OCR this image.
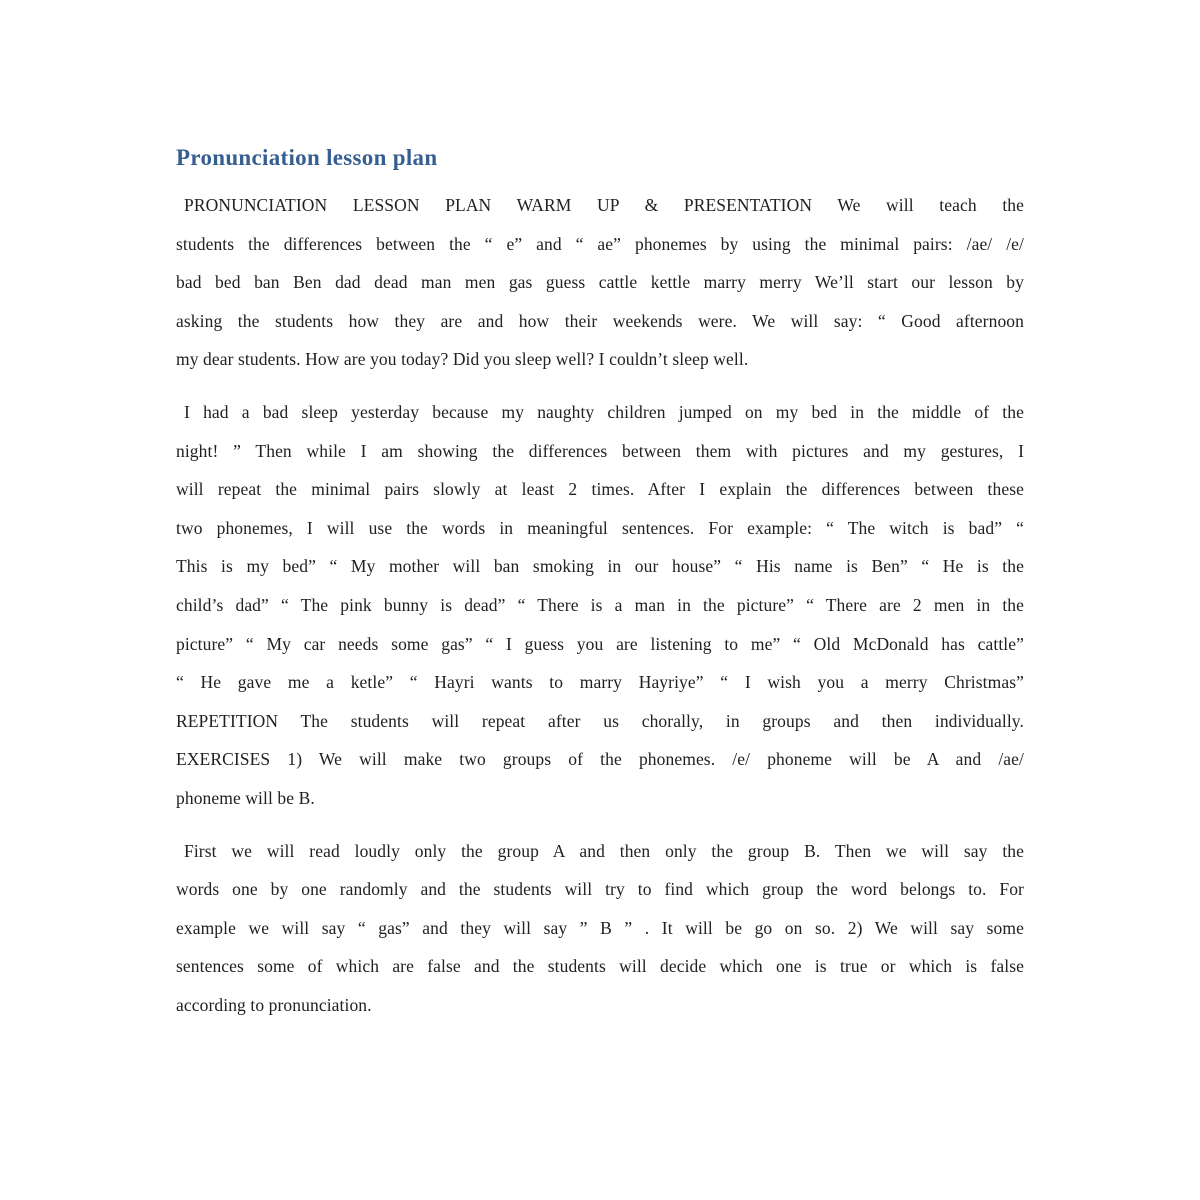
Pronunciation lesson plan
PRONUNCIATION LESSON PLAN WARM UP & PRESENTATION We will teach the
students the differences between the “ e” and “ ae” phonemes by using the minimal pairs: /ae/ /e/
bad bed ban Ben dad dead man men gas guess cattle kettle marry merry We’ll start our lesson by
asking the students how they are and how their weekends were. We will say: “ Good afternoon
my dear students. How are you today? Did you sleep well? I couldn’t sleep well.
I had a bad sleep yesterday because my naughty children jumped on my bed in the middle of the
night! ” Then while I am showing the differences between them with pictures and my gestures, I
will repeat the minimal pairs slowly at least 2 times. After I explain the differences between these
two phonemes, I will use the words in meaningful sentences. For example: “ The witch is bad” “
This is my bed” “ My mother will ban smoking in our house” “ His name is Ben” “ He is the
child’s dad” “ The pink bunny is dead” “ There is a man in the picture” “ There are 2 men in the
picture” “ My car needs some gas” “ I guess you are listening to me” “ Old McDonald has cattle”
“ He gave me a ketle” “ Hayri wants to marry Hayriye” “ I wish you a merry Christmas”
REPETITION The students will repeat after us chorally, in groups and then individually.
EXERCISES 1) We will make two groups of the phonemes. /e/ phoneme will be A and /ae/
phoneme will be B.
First we will read loudly only the group A and then only the group B. Then we will say the
words one by one randomly and the students will try to find which group the word belongs to. For
example we will say “ gas” and they will say ” B ” . It will be go on so. 2) We will say some
sentences some of which are false and the students will decide which one is true or which is false
according to pronunciation.
